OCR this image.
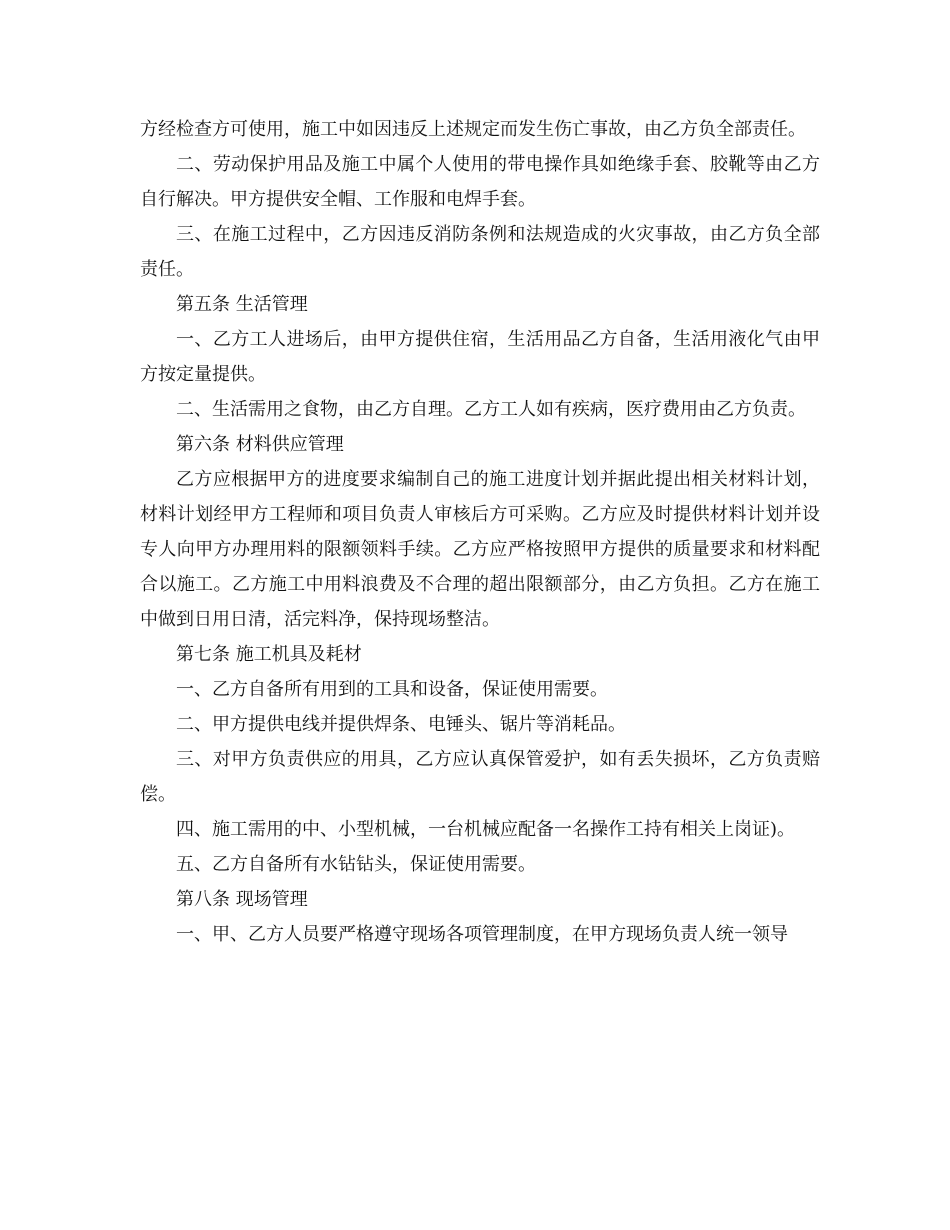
方经检查方可使用，施工中如因违反上述规定而发生伤亡事故，由乙方负全部责任。

二、劳动保护用品及施工中属个人使用的带电操作具如绝缘手套、胶靴等由乙方自行解决。甲方提供安全帽、工作服和电焊手套。

三、在施工过程中，乙方因违反消防条例和法规造成的火灾事故，由乙方负全部责任。

第五条 生活管理

一、乙方工人进场后，由甲方提供住宿，生活用品乙方自备，生活用液化气由甲方按定量提供。

二、生活需用之食物，由乙方自理。乙方工人如有疾病，医疗费用由乙方负责。

第六条 材料供应管理

乙方应根据甲方的进度要求编制自己的施工进度计划并据此提出相关材料计划，材料计划经甲方工程师和项目负责人审核后方可采购。乙方应及时提供材料计划并设专人向甲方办理用料的限额领料手续。乙方应严格按照甲方提供的质量要求和材料配合以施工。乙方施工中用料浪费及不合理的超出限额部分，由乙方负担。乙方在施工中做到日用日清，活完料净，保持现场整洁。

第七条 施工机具及耗材

一、乙方自备所有用到的工具和设备，保证使用需要。

二、甲方提供电线并提供焊条、电锤头、锯片等消耗品。

三、对甲方负责供应的用具，乙方应认真保管爱护，如有丢失损坏，乙方负责赔偿。

四、施工需用的中、小型机械，一台机械应配备一名操作工持有相关上岗证)。

五、乙方自备所有水钻钻头，保证使用需要。

第八条 现场管理

一、甲、乙方人员要严格遵守现场各项管理制度，在甲方现场负责人统一领导
